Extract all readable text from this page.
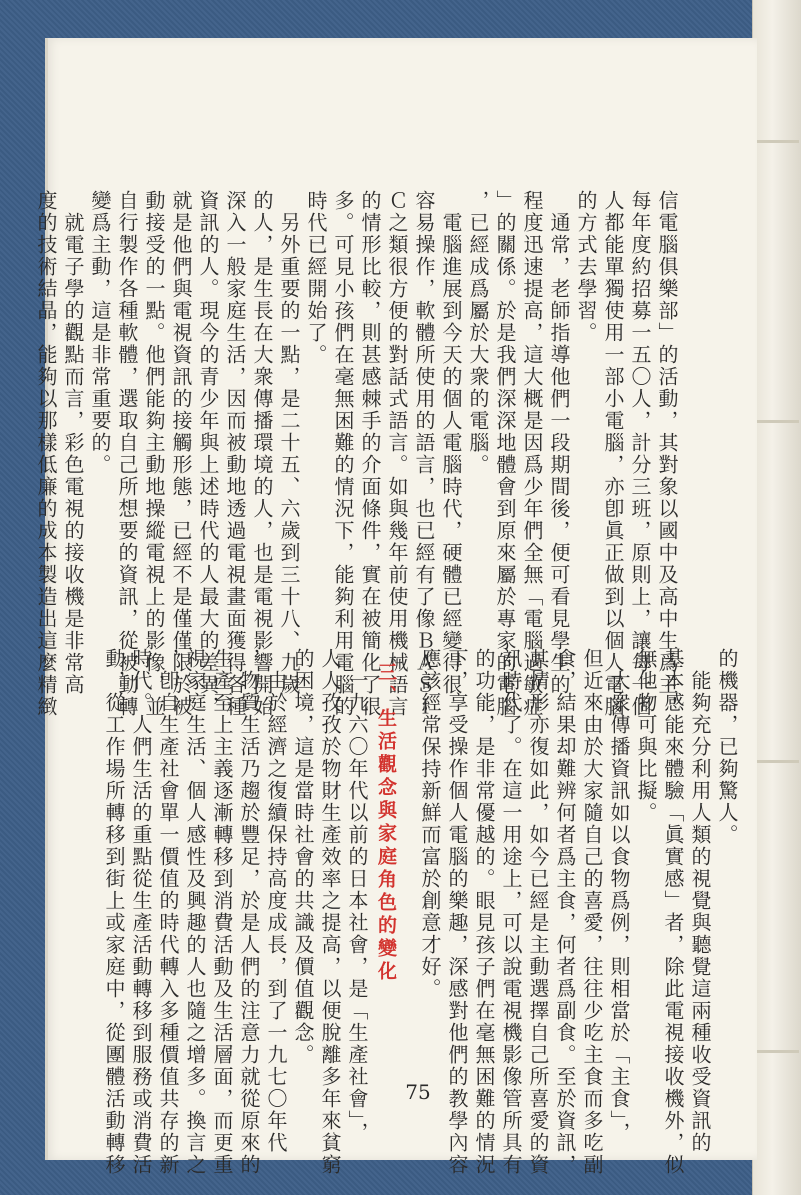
信電腦俱樂部」的活動，其對象以國中及高中生爲主，
每年度約招募一五〇人，計分三班，原則上，讓每一個
人都能單獨使用一部小電腦，亦卽眞正做到以個人電腦
的方式去學習。
　通常，老師指導他們一段期間後，便可看見學生的
程度迅速提高，這大概是因爲少年們全無「電腦過敏症
」的關係。於是我們深深地體會到原來屬於專家的電腦
，已經成爲屬於大衆的電腦。
　電腦進展到今天的個人電腦時代，硬體已經變得很
容易操作，軟體所使用的語言，也已經有了像ＢＡＳＩ
Ｃ之類很方便的對話式語言。如與幾年前使用機械語言
的情形比較，則甚感棘手的介面條件，實在被簡化了很
多。可見小孩們在毫無困難的情況下，能夠利用電腦的
時代已經開始了。
　另外重要的一點，是二十五、六歲到三十八、九歲
的人，是生長在大衆傳播環境的人，也是電視影響開始
深入一般家庭生活，因而被動地透過電視畫面獲得各種
資訊的人。現今的青少年與上述時代的人最大的差異，
就是他們與電視資訊的接觸形態，已經不是僅僅限於被
動接受的一點。他們能夠主動地操縱電視上的影像，並
自行製作各種軟體，選取自己所想要的資訊，從被動轉
變爲主動，這是非常重要的。
　就電子學的觀點而言，彩色電視的接收機是非常高
度的技術結晶，能夠以那樣低廉的成本製造出這麼精緻
的機器，已夠驚人。
　能夠充分利用人類的視覺與聽覺這兩種收受資訊的
基本感能來體驗「眞實感」者，除此電視接收機外，似
無他物可與比擬。
　大衆傳播資訊如以食物爲例，則相當於「主食」，
但近來由於大家隨自己的喜愛，往往少吃主食而多吃副
食，結果却難辨何者爲主食，何者爲副食。至於資訊，
其情形亦復如此，如今已經是主動選擇自己所喜愛的資
訊時代了。在這一用途上，可以說電視機影像管所具有
的功能，是非常優越的。眼見孩子們在毫無困難的情況
下，享受操作個人電腦的樂趣，深感對他們的教學內容
應該經常保持新鮮而富於創意才好。
三、生活觀念與家庭角色的變化
　一九六〇年代以前的日本社會，是「生產社會」，
人人孜孜於物財生產效率之提高，以便脫離多年來貧窮
的困境，這是當時社會的共識及價值觀念。
　由於經濟之復續保持高度成長，到了一九七〇年代
，物質生活乃趨於豐足，於是人們的注意力就從原來的
生產至上主義逐漸轉移到消費活動及生活層面，而更重
視家庭生活、個人感性及興趣的人也隨之增多。換言之
，卽自生產社會單一價值的時代轉入多種價值共存的新
時代。人們生活的重點從生產活動轉移到服務或消費活
動，從工作場所轉移到街上或家庭中，從團體活動轉移	75
